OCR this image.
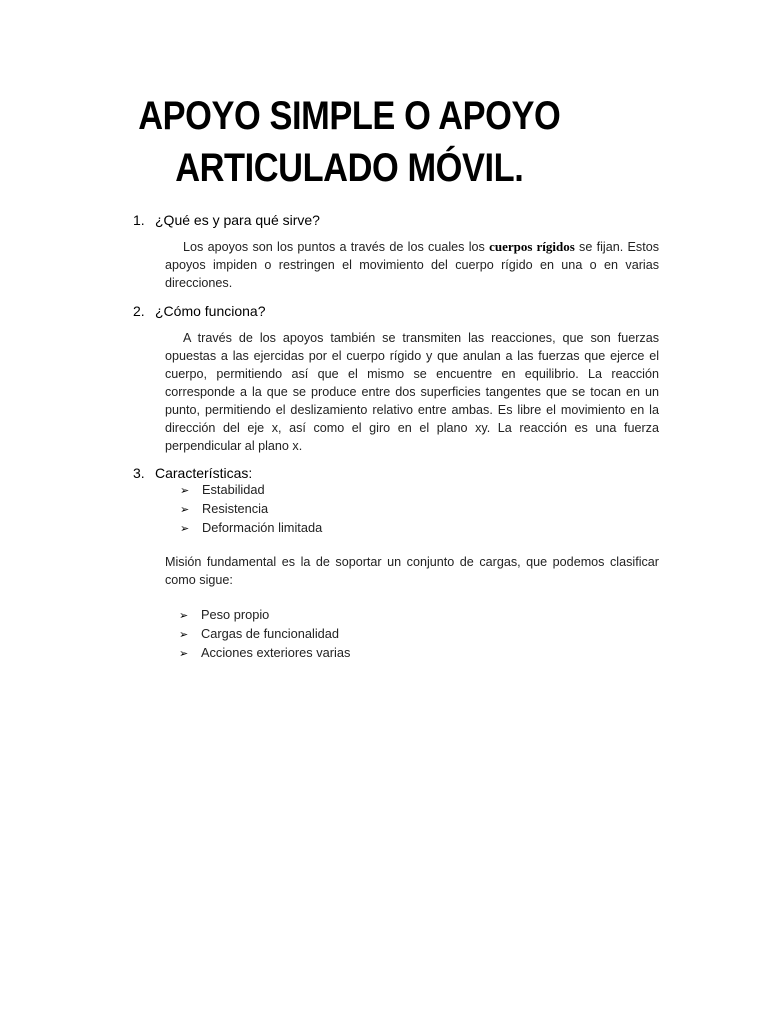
APOYO SIMPLE O APOYO
ARTICULADO MÓVIL.
1. ¿Qué es y para qué sirve?

Los apoyos son los puntos a través de los cuales los cuerpos rígidos se fijan. Estos apoyos impiden o restringen el movimiento del cuerpo rígido en una o en varias direcciones.

2. ¿Cómo funciona?

A través de los apoyos también se transmiten las reacciones, que son fuerzas opuestas a las ejercidas por el cuerpo rígido y que anulan a las fuerzas que ejerce el cuerpo, permitiendo así que el mismo se encuentre en equilibrio. La reacción corresponde a la que se produce entre dos superficies tangentes que se tocan en un punto, permitiendo el deslizamiento relativo entre ambas. Es libre el movimiento en la dirección del eje x, así como el giro en el plano xy. La reacción es una fuerza perpendicular al plano x.

3. Características:
➢ Estabilidad
➢ Resistencia
➢ Deformación limitada

Misión fundamental es la de soportar un conjunto de cargas, que podemos clasificar como sigue:

➢ Peso propio
➢ Cargas de funcionalidad
➢ Acciones exteriores varias
